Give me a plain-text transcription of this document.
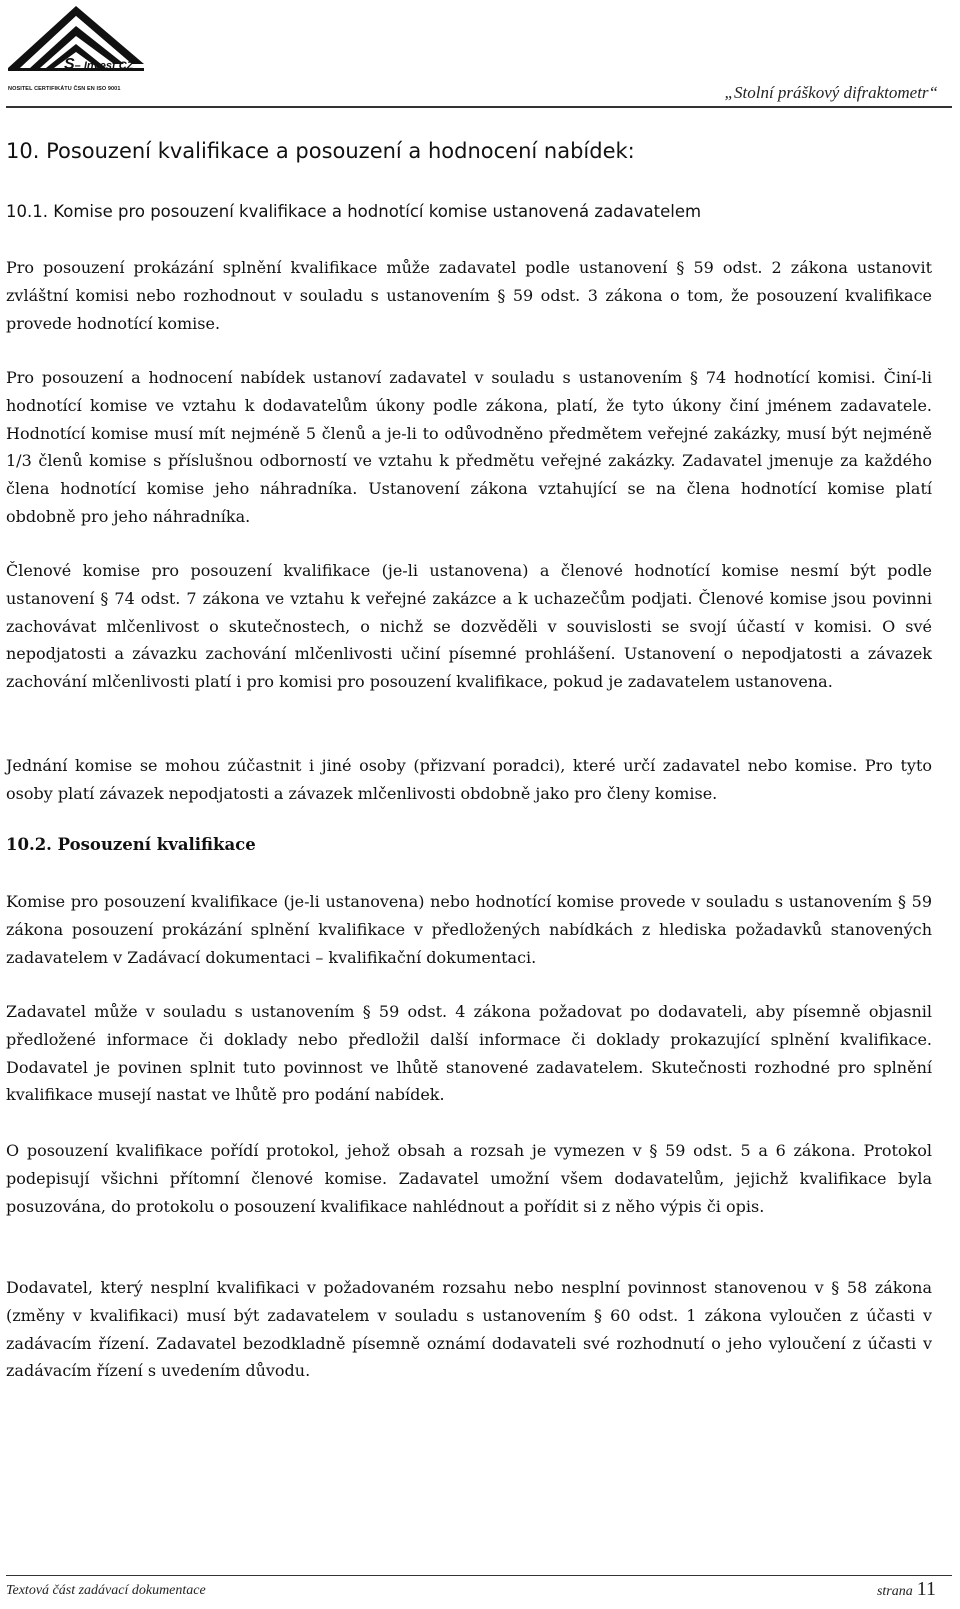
S– Invest CZ
NOSITEL CERTIFIKÁTU ČSN EN ISO 9001	„Stolní práškový difraktometr“
10. Posouzení kvalifikace a posouzení a hodnocení nabídek:
10.1. Komise pro posouzení kvalifikace a hodnotící komise ustanovená zadavatelem
Pro posouzení prokázání splnění kvalifikace může zadavatel podle ustanovení § 59 odst. 2 zákona ustanovit zvláštní komisi nebo rozhodnout v souladu s ustanovením § 59 odst. 3 zákona o tom, že posouzení kvalifikace provede hodnotící komise.
Pro posouzení a hodnocení nabídek ustanoví zadavatel v souladu s ustanovením § 74 hodnotící komisi. Činí-li hodnotící komise ve vztahu k dodavatelům úkony podle zákona, platí, že tyto úkony činí jménem zadavatele. Hodnotící komise musí mít nejméně 5 členů a je-li to odůvodněno předmětem veřejné zakázky, musí být nejméně 1/3 členů komise s příslušnou odborností ve vztahu k předmětu veřejné zakázky. Zadavatel jmenuje za každého člena hodnotící komise jeho náhradníka. Ustanovení zákona vztahující se na člena hodnotící komise platí obdobně pro jeho náhradníka.
Členové komise pro posouzení kvalifikace (je-li ustanovena) a členové hodnotící komise nesmí být podle ustanovení § 74 odst. 7 zákona ve vztahu k veřejné zakázce a k uchazečům podjati. Členové komise jsou povinni zachovávat mlčenlivost o skutečnostech, o nichž se dozvěděli v souvislosti se svojí účastí v komisi. O své nepodjatosti a závazku zachování mlčenlivosti učiní písemné prohlášení. Ustanovení o nepodjatosti a závazek zachování mlčenlivosti platí i pro komisi pro posouzení kvalifikace, pokud je zadavatelem ustanovena.
Jednání komise se mohou zúčastnit i jiné osoby (přizvaní poradci), které určí zadavatel nebo komise. Pro tyto osoby platí závazek nepodjatosti a závazek mlčenlivosti obdobně jako pro členy komise.
10.2. Posouzení kvalifikace
Komise pro posouzení kvalifikace (je-li ustanovena) nebo hodnotící komise provede v souladu s ustanovením § 59 zákona posouzení prokázání splnění kvalifikace v předložených nabídkách z hlediska požadavků stanovených zadavatelem v Zadávací dokumentaci – kvalifikační dokumentaci.
Zadavatel může v souladu s ustanovením § 59 odst. 4 zákona požadovat po dodavateli, aby písemně objasnil předložené informace či doklady nebo předložil další informace či doklady prokazující splnění kvalifikace. Dodavatel je povinen splnit tuto povinnost ve lhůtě stanovené zadavatelem. Skutečnosti rozhodné pro splnění kvalifikace musejí nastat ve lhůtě pro podání nabídek.
O posouzení kvalifikace pořídí protokol, jehož obsah a rozsah je vymezen v § 59 odst. 5 a 6 zákona. Protokol podepisují všichni přítomní členové komise. Zadavatel umožní všem dodavatelům, jejichž kvalifikace byla posuzována, do protokolu o posouzení kvalifikace nahlédnout a pořídit si z něho výpis či opis.
Dodavatel, který nesplní kvalifikaci v požadovaném rozsahu nebo nesplní povinnost stanovenou v § 58 zákona (změny v kvalifikaci) musí být zadavatelem v souladu s ustanovením § 60 odst. 1 zákona vyloučen z účasti v zadávacím řízení. Zadavatel bezodkladně písemně oznámí dodavateli své rozhodnutí o jeho vyloučení z účasti v zadávacím řízení s uvedením důvodu.
Textová část zadávací dokumentace	strana 11
